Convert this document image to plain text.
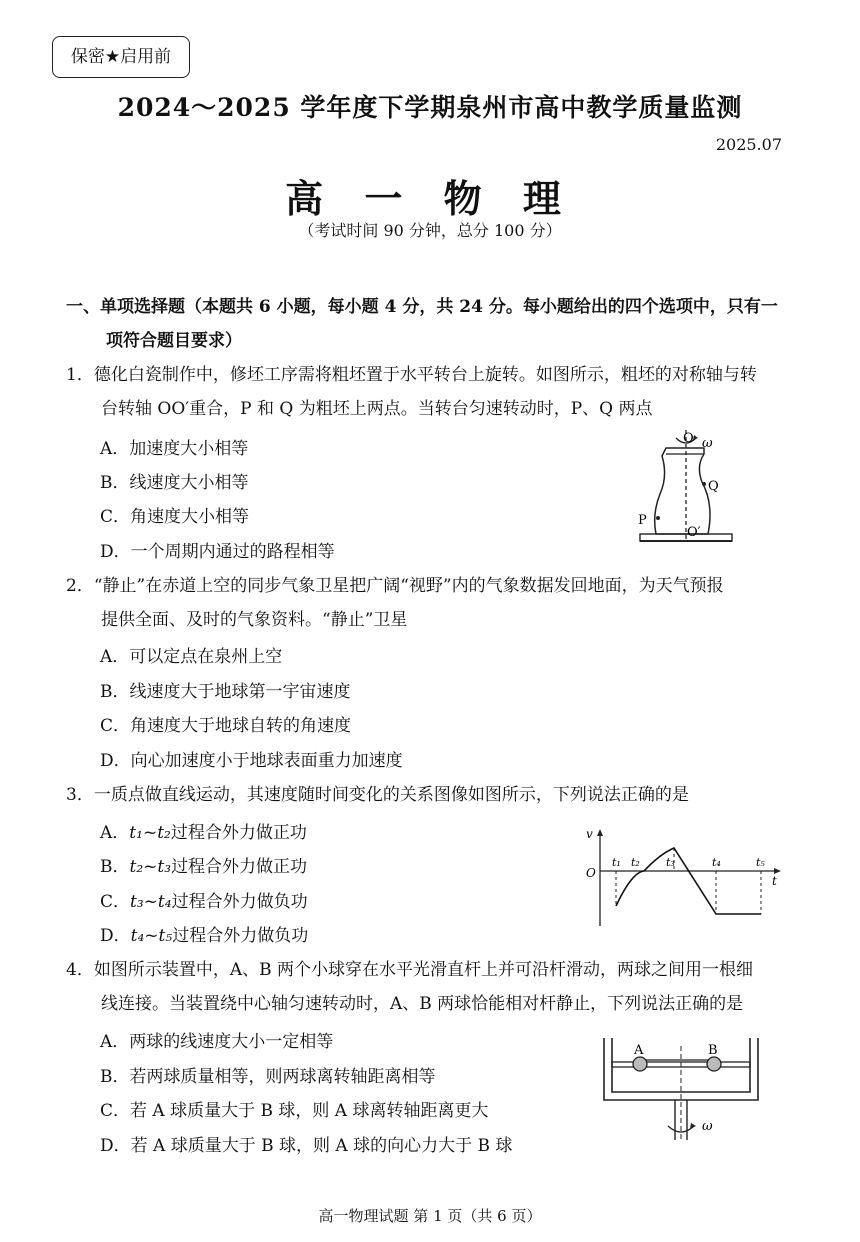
保密★启用前
2024～2025 学年度下学期泉州市高中教学质量监测
2025.07
高 一 物 理
（考试时间 90 分钟，总分 100 分）
一、单项选择题（本题共 6 小题，每小题 4 分，共 24 分。每小题给出的四个选项中，只有一
项符合题目要求）
1．德化白瓷制作中，修坯工序需将粗坯置于水平转台上旋转。如图所示，粗坯的对称轴与转
台转轴 OO′重合，P 和 Q 为粗坯上两点。当转台匀速转动时，P、Q 两点
A．加速度大小相等
B．线速度大小相等
C．角速度大小相等
D．一个周期内通过的路程相等
O ω
Q
P
O′
2．“静止”在赤道上空的同步气象卫星把广阔“视野”内的气象数据发回地面，为天气预报
提供全面、及时的气象资料。“静止”卫星
A．可以定点在泉州上空
B．线速度大于地球第一宇宙速度
C．角速度大于地球自转的角速度
D．向心加速度小于地球表面重力加速度
3．一质点做直线运动，其速度随时间变化的关系图像如图所示，下列说法正确的是
A．t₁~t₂过程合外力做正功
B．t₂~t₃过程合外力做正功
C．t₃~t₄过程合外力做负功
D．t₄~t₅过程合外力做负功
v
t
O
t₁ t₂ t₃	t₄	t₅
4．如图所示装置中，A、B 两个小球穿在水平光滑直杆上并可沿杆滑动，两球之间用一根细
线连接。当装置绕中心轴匀速转动时，A、B 两球恰能相对杆静止，下列说法正确的是
A．两球的线速度大小一定相等
B．若两球质量相等，则两球离转轴距离相等
C．若 A 球质量大于 B 球，则 A 球离转轴距离更大
D．若 A 球质量大于 B 球，则 A 球的向心力大于 B 球
A	B
ω
高一物理试题 第 1 页（共 6 页）
